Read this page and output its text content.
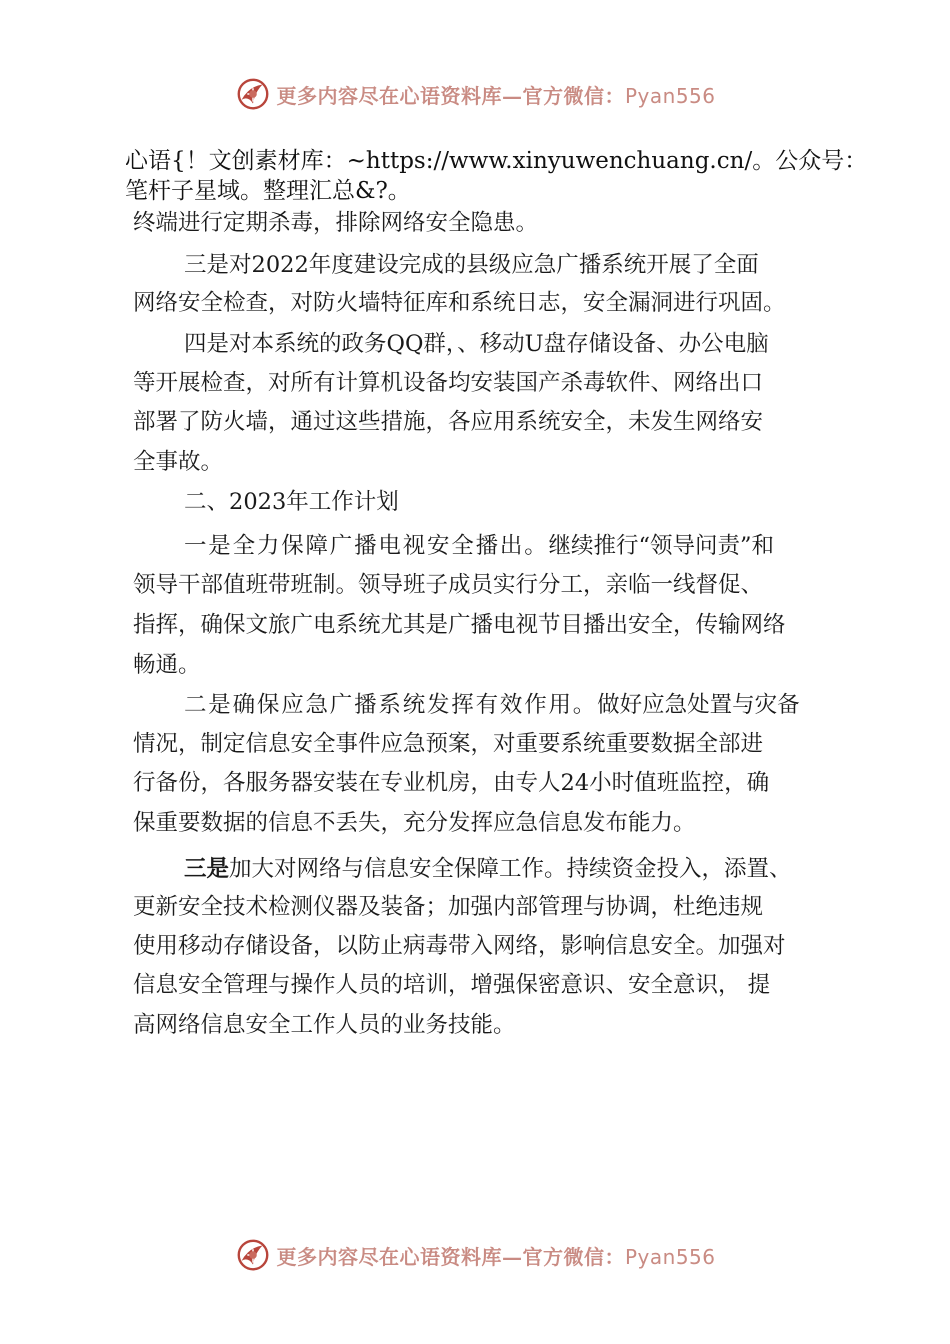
更多内容尽在心语资料库—官方微信：Pyan556
心语{！文创素材库：~https://www.xinyuwenchuang.cn/。公众号：
笔杆子星域。整理汇总&?。
终端进行定期杀毒，排除网络安全隐患。
三是对2022年度建设完成的县级应急广播系统开展了全面
网络安全检查，对防火墙特征库和系统日志，安全漏洞进行巩固。
四是对本系统的政务QQ群，、移动U盘存储设备、办公电脑
等开展检查，对所有计算机设备均安装国产杀毒软件、网络出口
部署了防火墙，通过这些措施，各应用系统安全，未发生网络安
全事故。
二、2023年工作计划
一是全力保障广播电视安全播出。继续推行“领导问责”和
领导干部值班带班制。领导班子成员实行分工，亲临一线督促、
指挥，确保文旅广电系统尤其是广播电视节目播出安全，传输网络
畅通。
二是确保应急广播系统发挥有效作用。做好应急处置与灾备
情况，制定信息安全事件应急预案，对重要系统重要数据全部进
行备份，各服务器安装在专业机房，由专人24小时值班监控，确
保重要数据的信息不丢失，充分发挥应急信息发布能力。
三是加大对网络与信息安全保障工作。持续资金投入，添置、
更新安全技术检测仪器及装备；加强内部管理与协调，杜绝违规
使用移动存储设备，以防止病毒带入网络，影响信息安全。加强对
信息安全管理与操作人员的培训，增强保密意识、安全意识， 提
高网络信息安全工作人员的业务技能。
更多内容尽在心语资料库—官方微信：Pyan556
